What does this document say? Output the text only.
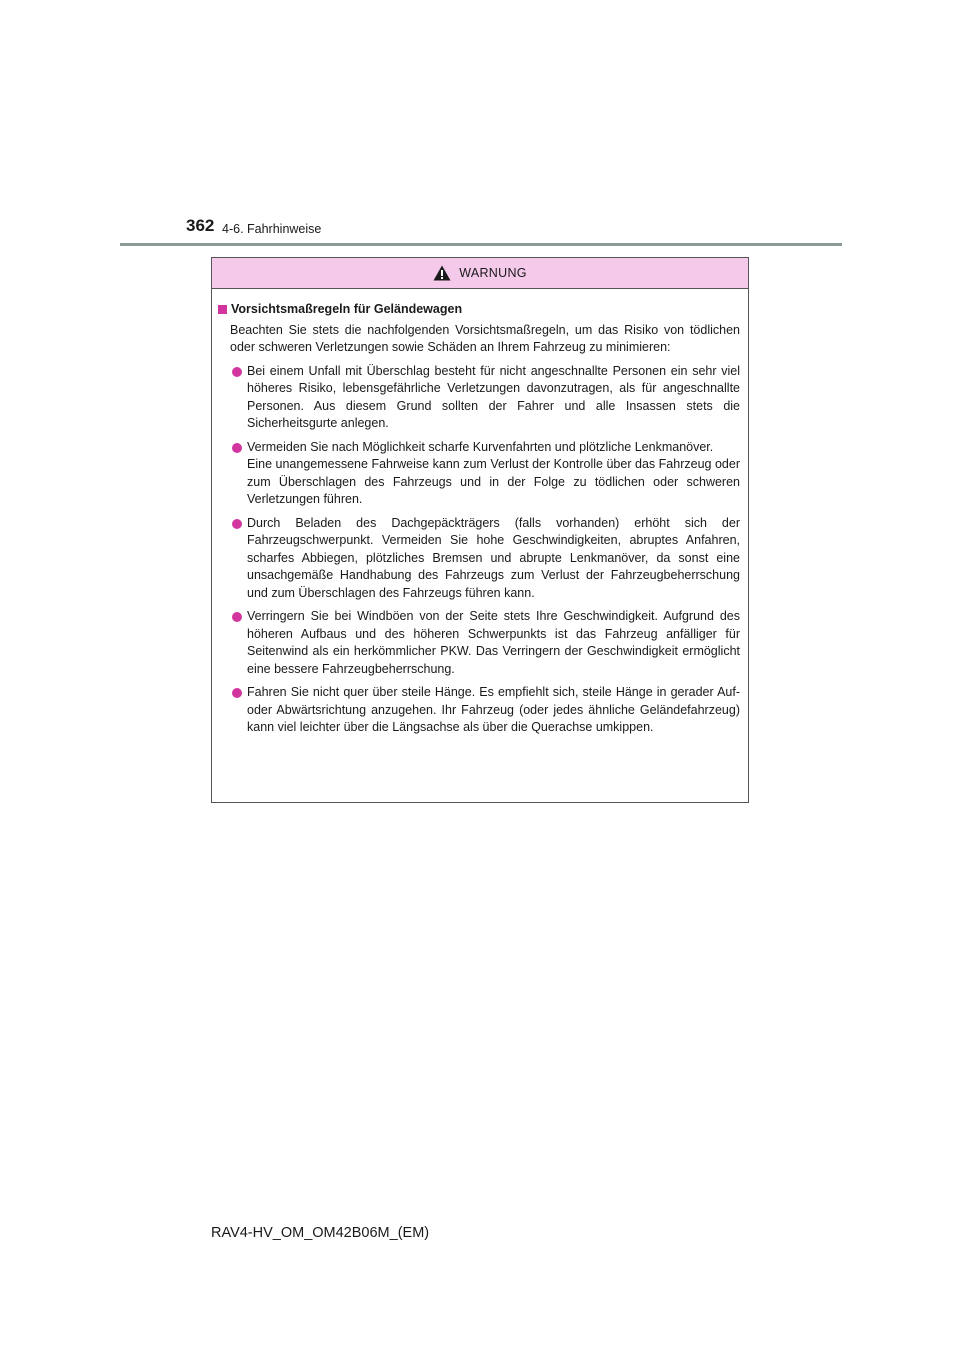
362 4-6. Fahrhinweise
WARNUNG
Vorsichtsmaßregeln für Geländewagen
Beachten Sie stets die nachfolgenden Vorsichtsmaßregeln, um das Risiko von tödlichen oder schweren Verletzungen sowie Schäden an Ihrem Fahrzeug zu minimieren:
Bei einem Unfall mit Überschlag besteht für nicht angeschnallte Personen ein sehr viel höheres Risiko, lebensgefährliche Verletzungen davonzutragen, als für angeschnallte Personen. Aus diesem Grund sollten der Fahrer und alle Insassen stets die Sicherheitsgurte anlegen.
Vermeiden Sie nach Möglichkeit scharfe Kurvenfahrten und plötzliche Lenkmanöver.
Eine unangemessene Fahrweise kann zum Verlust der Kontrolle über das Fahrzeug oder zum Überschlagen des Fahrzeugs und in der Folge zu tödlichen oder schweren Verletzungen führen.
Durch Beladen des Dachgepäckträgers (falls vorhanden) erhöht sich der Fahrzeugschwerpunkt. Vermeiden Sie hohe Geschwindigkeiten, abruptes Anfahren, scharfes Abbiegen, plötzliches Bremsen und abrupte Lenkmanöver, da sonst eine unsachgemäße Handhabung des Fahrzeugs zum Verlust der Fahrzeugbeherrschung und zum Überschlagen des Fahrzeugs führen kann.
Verringern Sie bei Windböen von der Seite stets Ihre Geschwindigkeit. Aufgrund des höheren Aufbaus und des höheren Schwerpunkts ist das Fahrzeug anfälliger für Seitenwind als ein herkömmlicher PKW. Das Verringern der Geschwindigkeit ermöglicht eine bessere Fahrzeugbeherrschung.
Fahren Sie nicht quer über steile Hänge. Es empfiehlt sich, steile Hänge in gerader Auf- oder Abwärtsrichtung anzugehen. Ihr Fahrzeug (oder jedes ähnliche Geländefahrzeug) kann viel leichter über die Längsachse als über die Querachse umkippen.
RAV4-HV_OM_OM42B06M_(EM)
